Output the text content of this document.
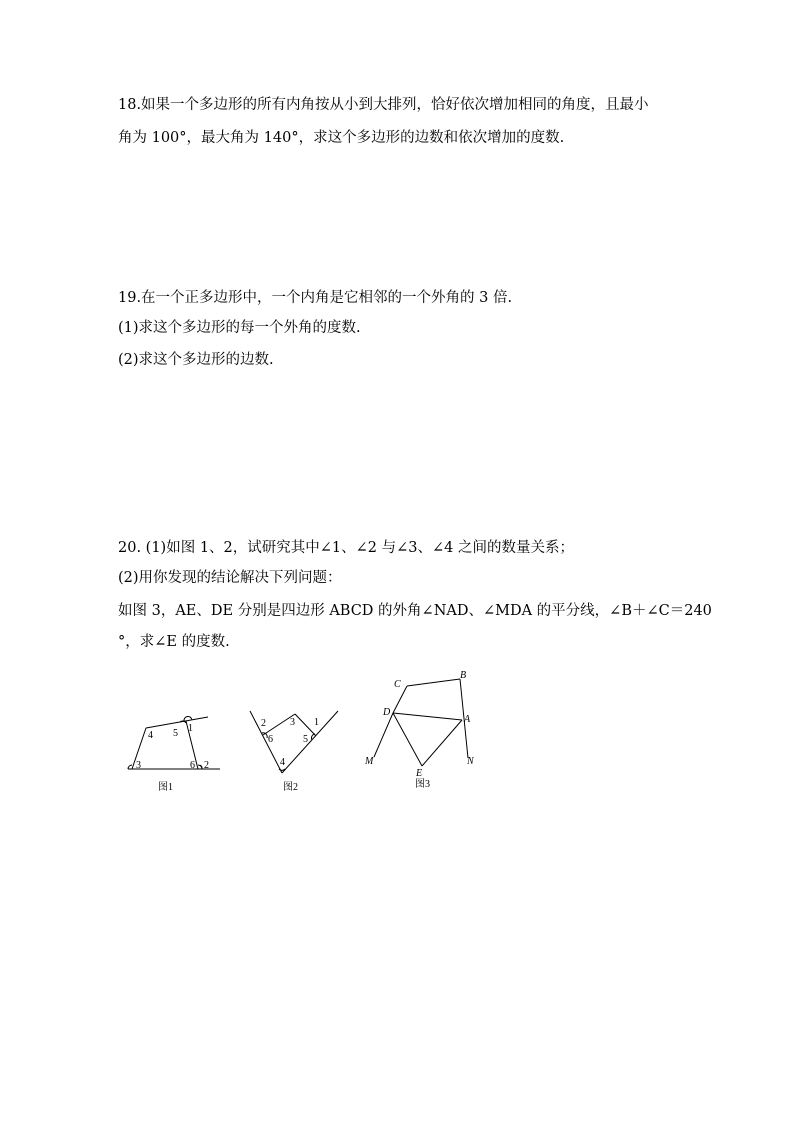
18.如果一个多边形的所有内角按从小到大排列，恰好依次增加相同的角度，且最小
角为 100°，最大角为 140°，求这个多边形的边数和依次增加的度数.
19.在一个正多边形中，一个内角是它相邻的一个外角的 3 倍.
(1)求这个多边形的每一个外角的度数.
(2)求这个多边形的边数.
20. (1)如图 1、2，试研究其中∠1、∠2 与∠3、∠4 之间的数量关系；
(2)用你发现的结论解决下列问题：
如图 3，AE、DE 分别是四边形 ABCD 的外角∠NAD、∠MDA 的平分线，∠B＋∠C＝240
°，求∠E 的度数.
4 5 1
3	6 2
图1
2 3 1
6	5
4
图2
C
B
D
A
M
E
N
图3
